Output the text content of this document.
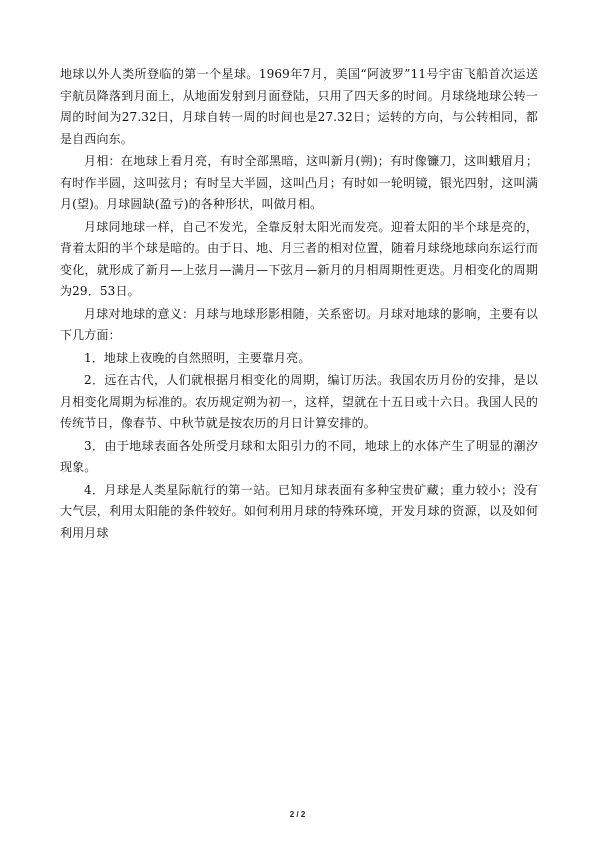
地球以外人类所登临的第一个星球。1969年7月，美国“阿波罗”11号宇宙飞船首次运送宇航员降落到月面上，从地面发射到月面登陆，只用了四天多的时间。月球绕地球公转一周的时间为27.32日，月球自转一周的时间也是27.32日；运转的方向，与公转相同，都是自西向东。

月相：在地球上看月亮，有时全部黑暗，这叫新月(朔)；有时像镰刀，这叫蛾眉月；有时作半圆，这叫弦月；有时呈大半圆，这叫凸月；有时如一轮明镜，银光四射，这叫满月(望)。月球圆缺(盈亏)的各种形状，叫做月相。

月球同地球一样，自己不发光，全靠反射太阳光而发亮。迎着太阳的半个球是亮的，背着太阳的半个球是暗的。由于日、地、月三者的相对位置，随着月球绕地球向东运行而变化，就形成了新月—上弦月—满月—下弦月—新月的月相周期性更迭。月相变化的周期为29．53日。

月球对地球的意义：月球与地球形影相随，关系密切。月球对地球的影响，主要有以下几方面：

1．地球上夜晚的自然照明，主要靠月亮。

2．远在古代，人们就根据月相变化的周期，编订历法。我国农历月份的安排，是以月相变化周期为标准的。农历规定朔为初一，这样，望就在十五日或十六日。我国人民的传统节日，像春节、中秋节就是按农历的月日计算安排的。

3．由于地球表面各处所受月球和太阳引力的不同，地球上的水体产生了明显的潮汐现象。

4．月球是人类星际航行的第一站。已知月球表面有多种宝贵矿藏；重力较小；没有大气层，利用太阳能的条件较好。如何利用月球的特殊环境，开发月球的资源，以及如何利用月球

2 / 2
